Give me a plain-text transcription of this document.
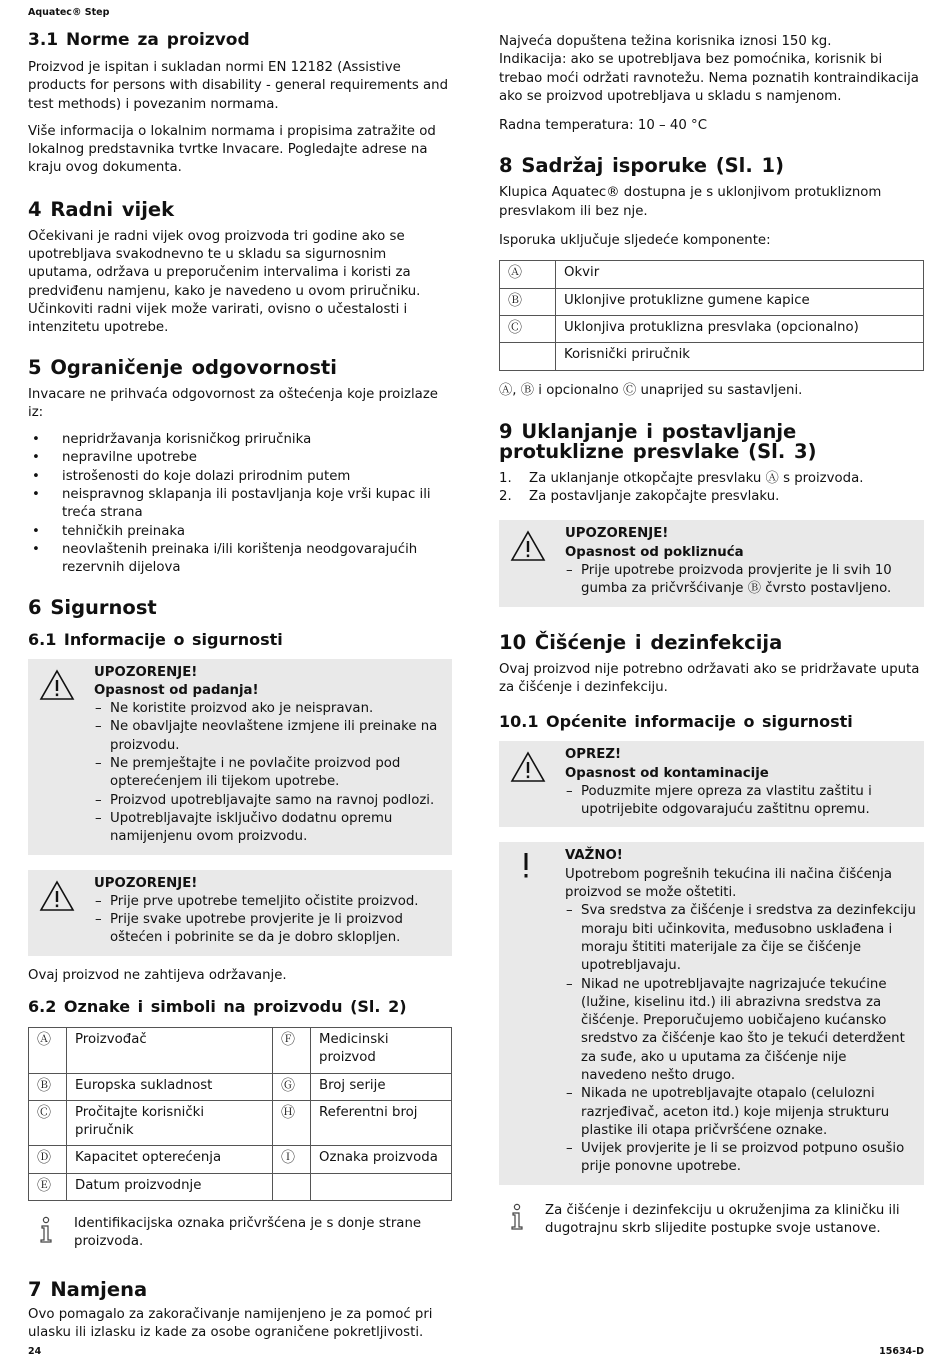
Aquatec® Step
3.1 Norme za proizvod

Proizvod je ispitan i sukladan normi EN 12182 (Assistive products for persons with disability - general requirements and test methods) i povezanim normama.

Više informacija o lokalnim normama i propisima zatražite od lokalnog predstavnika tvrtke Invacare. Pogledajte adrese na kraju ovog dokumenta.

4 Radni vijek

Očekivani je radni vijek ovog proizvoda tri godine ako se upotrebljava svakodnevno te u skladu sa sigurnosnim uputama, održava u preporučenim intervalima i koristi za predviđenu namjenu, kako je navedeno u ovom priručniku. Učinkoviti radni vijek može varirati, ovisno o učestalosti i intenzitetu upotrebe.

5 Ograničenje odgovornosti

Invacare ne prihvaća odgovornost za oštećenja koje proizlaze iz:

• nepridržavanja korisničkog priručnika
• nepravilne upotrebe
• istrošenosti do koje dolazi prirodnim putem
• neispravnog sklapanja ili postavljanja koje vrši kupac ili treća strana
• tehničkih preinaka
• neovlaštenih preinaka i/ili korištenja neodgovarajućih rezervnih dijelova
6 Sigurnost
6.1 Informacije o sigurnosti
UPOZORENJE!
Opasnost od padanja!
– Ne koristite proizvod ako je neispravan.
– Ne obavljajte neovlaštene izmjene ili preinake na proizvodu.
– Ne premještajte i ne povlačite proizvod pod opterećenjem ili tijekom upotrebe.
– Proizvod upotrebljavajte samo na ravnoj podlozi.
– Upotrebljavajte isključivo dodatnu opremu namijenjenu ovom proizvodu.
UPOZORENJE!
– Prije prve upotrebe temeljito očistite proizvod.
– Prije svake upotrebe provjerite je li proizvod oštećen i pobrinite se da je dobro sklopljen.

Ovaj proizvod ne zahtijeva održavanje.

6.2 Oznake i simboli na proizvodu (Sl. 2)
Ⓐ	Proizvođač	Ⓕ	Medicinski proizvod
Ⓑ	Europska sukladnost	Ⓖ	Broj serije
Ⓒ	Pročitajte korisnički priručnik	Ⓗ	Referentni broj
Ⓓ	Kapacitet opterećenja	Ⓘ	Oznaka proizvoda
Ⓔ	Datum proizvodnje		

Identifikacijska oznaka pričvršćena je s donje strane proizvoda.

7 Namjena

Ovo pomagalo za zakoračivanje namijenjeno je za pomoć pri ulasku ili izlasku iz kade za osobe ograničene pokretljivosti.

Najveća dopuštena težina korisnika iznosi 150 kg.

Indikacija: ako se upotrebljava bez pomoćnika, korisnik bi trebao moći održati ravnotežu. Nema poznatih kontraindikacija ako se proizvod upotrebljava u skladu s namjenom.

Radna temperatura: 10 – 40 °C

8 Sadržaj isporuke (Sl. 1)

Klupica Aquatec® dostupna je s uklonjivom protukliznom presvlakom ili bez nje.

Isporuka uključuje sljedeće komponente:

Ⓐ	Okvir
Ⓑ	Uklonjive protuklizne gumene kapice
Ⓒ	Uklonjiva protuklizna presvlaka (opcionalno)
	Korisnički priručnik

Ⓐ, Ⓑ i opcionalno Ⓒ unaprijed su sastavljeni.

9 Uklanjanje i postavljanje protuklizne presvlake (Sl. 3)
1. Za uklanjanje otkopčajte presvlaku Ⓐ s proizvoda.
2. Za postavljanje zakopčajte presvlaku.
UPOZORENJE!
Opasnost od pokliznuća
– Prije upotrebe proizvoda provjerite je li svih 10 gumba za pričvršćivanje Ⓑ čvrsto postavljeno.
10 Čišćenje i dezinfekcija

Ovaj proizvod nije potrebno održavati ako se pridržavate uputa za čišćenje i dezinfekciju.

10.1 Općenite informacije o sigurnosti
OPREZ!
Opasnost od kontaminacije
– Poduzmite mjere opreza za vlastitu zaštitu i upotrijebite odgovarajuću zaštitnu opremu.
VAŽNO!
Upotrebom pogrešnih tekućina ili načina čišćenja proizvod se može oštetiti.
– Sva sredstva za čišćenje i sredstva za dezinfekciju moraju biti učinkovita, međusobno usklađena i moraju štititi materijale za čije se čišćenje upotrebljavaju.
– Nikad ne upotrebljavajte nagrizajuće tekućine (lužine, kiselinu itd.) ili abrazivna sredstva za čišćenje. Preporučujemo uobičajeno kućansko sredstvo za čišćenje kao što je tekući deterdžent za suđe, ako u uputama za čišćenje nije navedeno nešto drugo.
– Nikada ne upotrebljavajte otapalo (celulozni razrjeđivač, aceton itd.) koje mijenja strukturu plastike ili otapa pričvršćene oznake.
– Uvijek provjerite je li se proizvod potpuno osušio prije ponovne upotrebe.

Za čišćenje i dezinfekciju u okruženjima za kliničku ili dugotrajnu skrb slijedite postupke svoje ustanove.

24	15634-D
